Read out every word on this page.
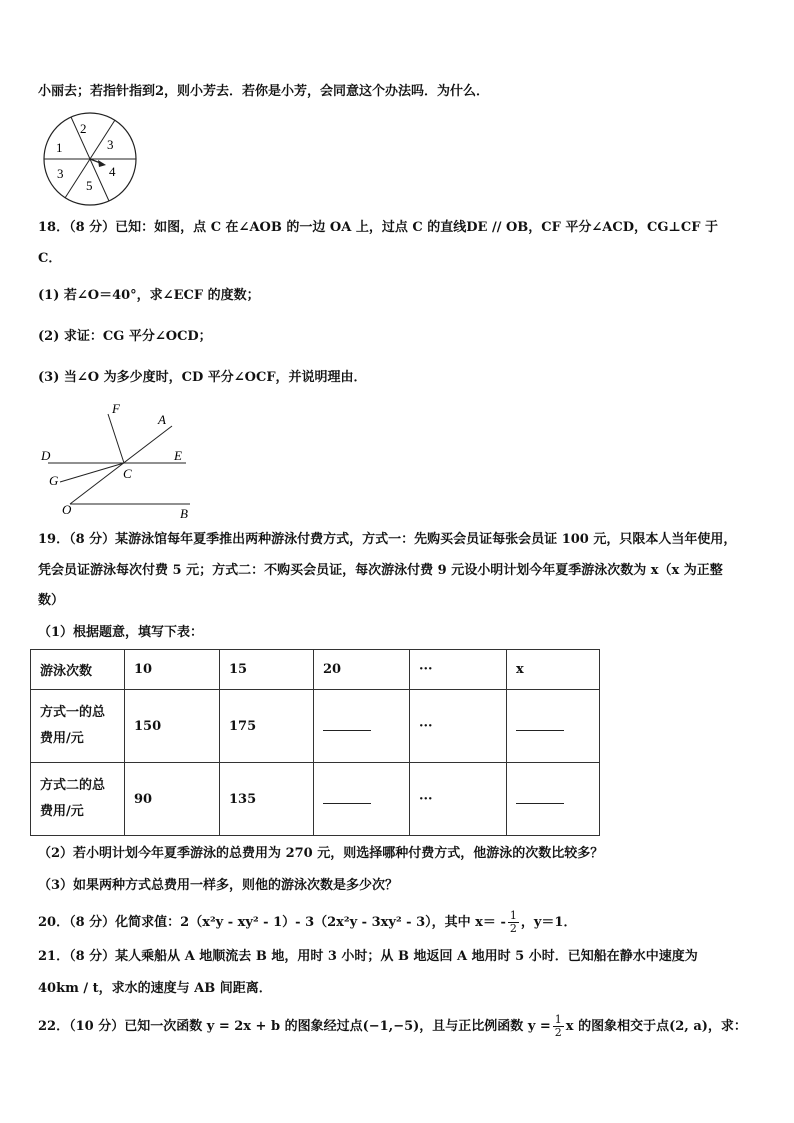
小丽去；若指针指到2，则小芳去．若你是小芳，会同意这个办法吗．为什么．
2
3
4
5
3
1
18．（8 分）已知：如图，点 C 在∠AOB 的一边 OA 上，过点 C 的直线DE // OB，CF 平分∠ACD，CG⊥CF 于
C．
(1) 若∠O＝40°，求∠ECF 的度数；
(2) 求证：CG 平分∠OCD；
(3) 当∠O 为多少度时，CD 平分∠OCF，并说明理由．
F
A
D	E
G	C
O	B
19．（8 分）某游泳馆每年夏季推出两种游泳付费方式，方式一：先购买会员证每张会员证 100 元，只限本人当年使用，
凭会员证游泳每次付费 5 元；方式二：不购买会员证，每次游泳付费 9 元设小明计划今年夏季游泳次数为 x（x 为正整
数）
（1）根据题意，填写下表：
游泳次数	10	15	20	···	x

方式一的总
费用/元	150	175		···	

方式二的总
费用/元	90	135		···	
（2）若小明计划今年夏季游泳的总费用为 270 元，则选择哪种付费方式，他游泳的次数比较多？
（3）如果两种方式总费用一样多，则他的游泳次数是多少次？
20．（8 分）化简求值：2（x²y - xy² - 1）- 3（2x²y - 3xy² - 3），其中 $x= - \frac{1}{2}$ ，y＝1．
21．（8 分）某人乘船从 A 地顺流去 B 地，用时 3 小时；从 B 地返回 A 地用时 5 小时．已知船在静水中速度为
40km / t，求水的速度与 AB 间距离．
22．（10 分）已知一次函数 y = 2x + b 的图象经过点(−1,−5)，且与正比例函数 $y = \frac{1}{2}$ x 的图象相交于点(2, a)，求：
